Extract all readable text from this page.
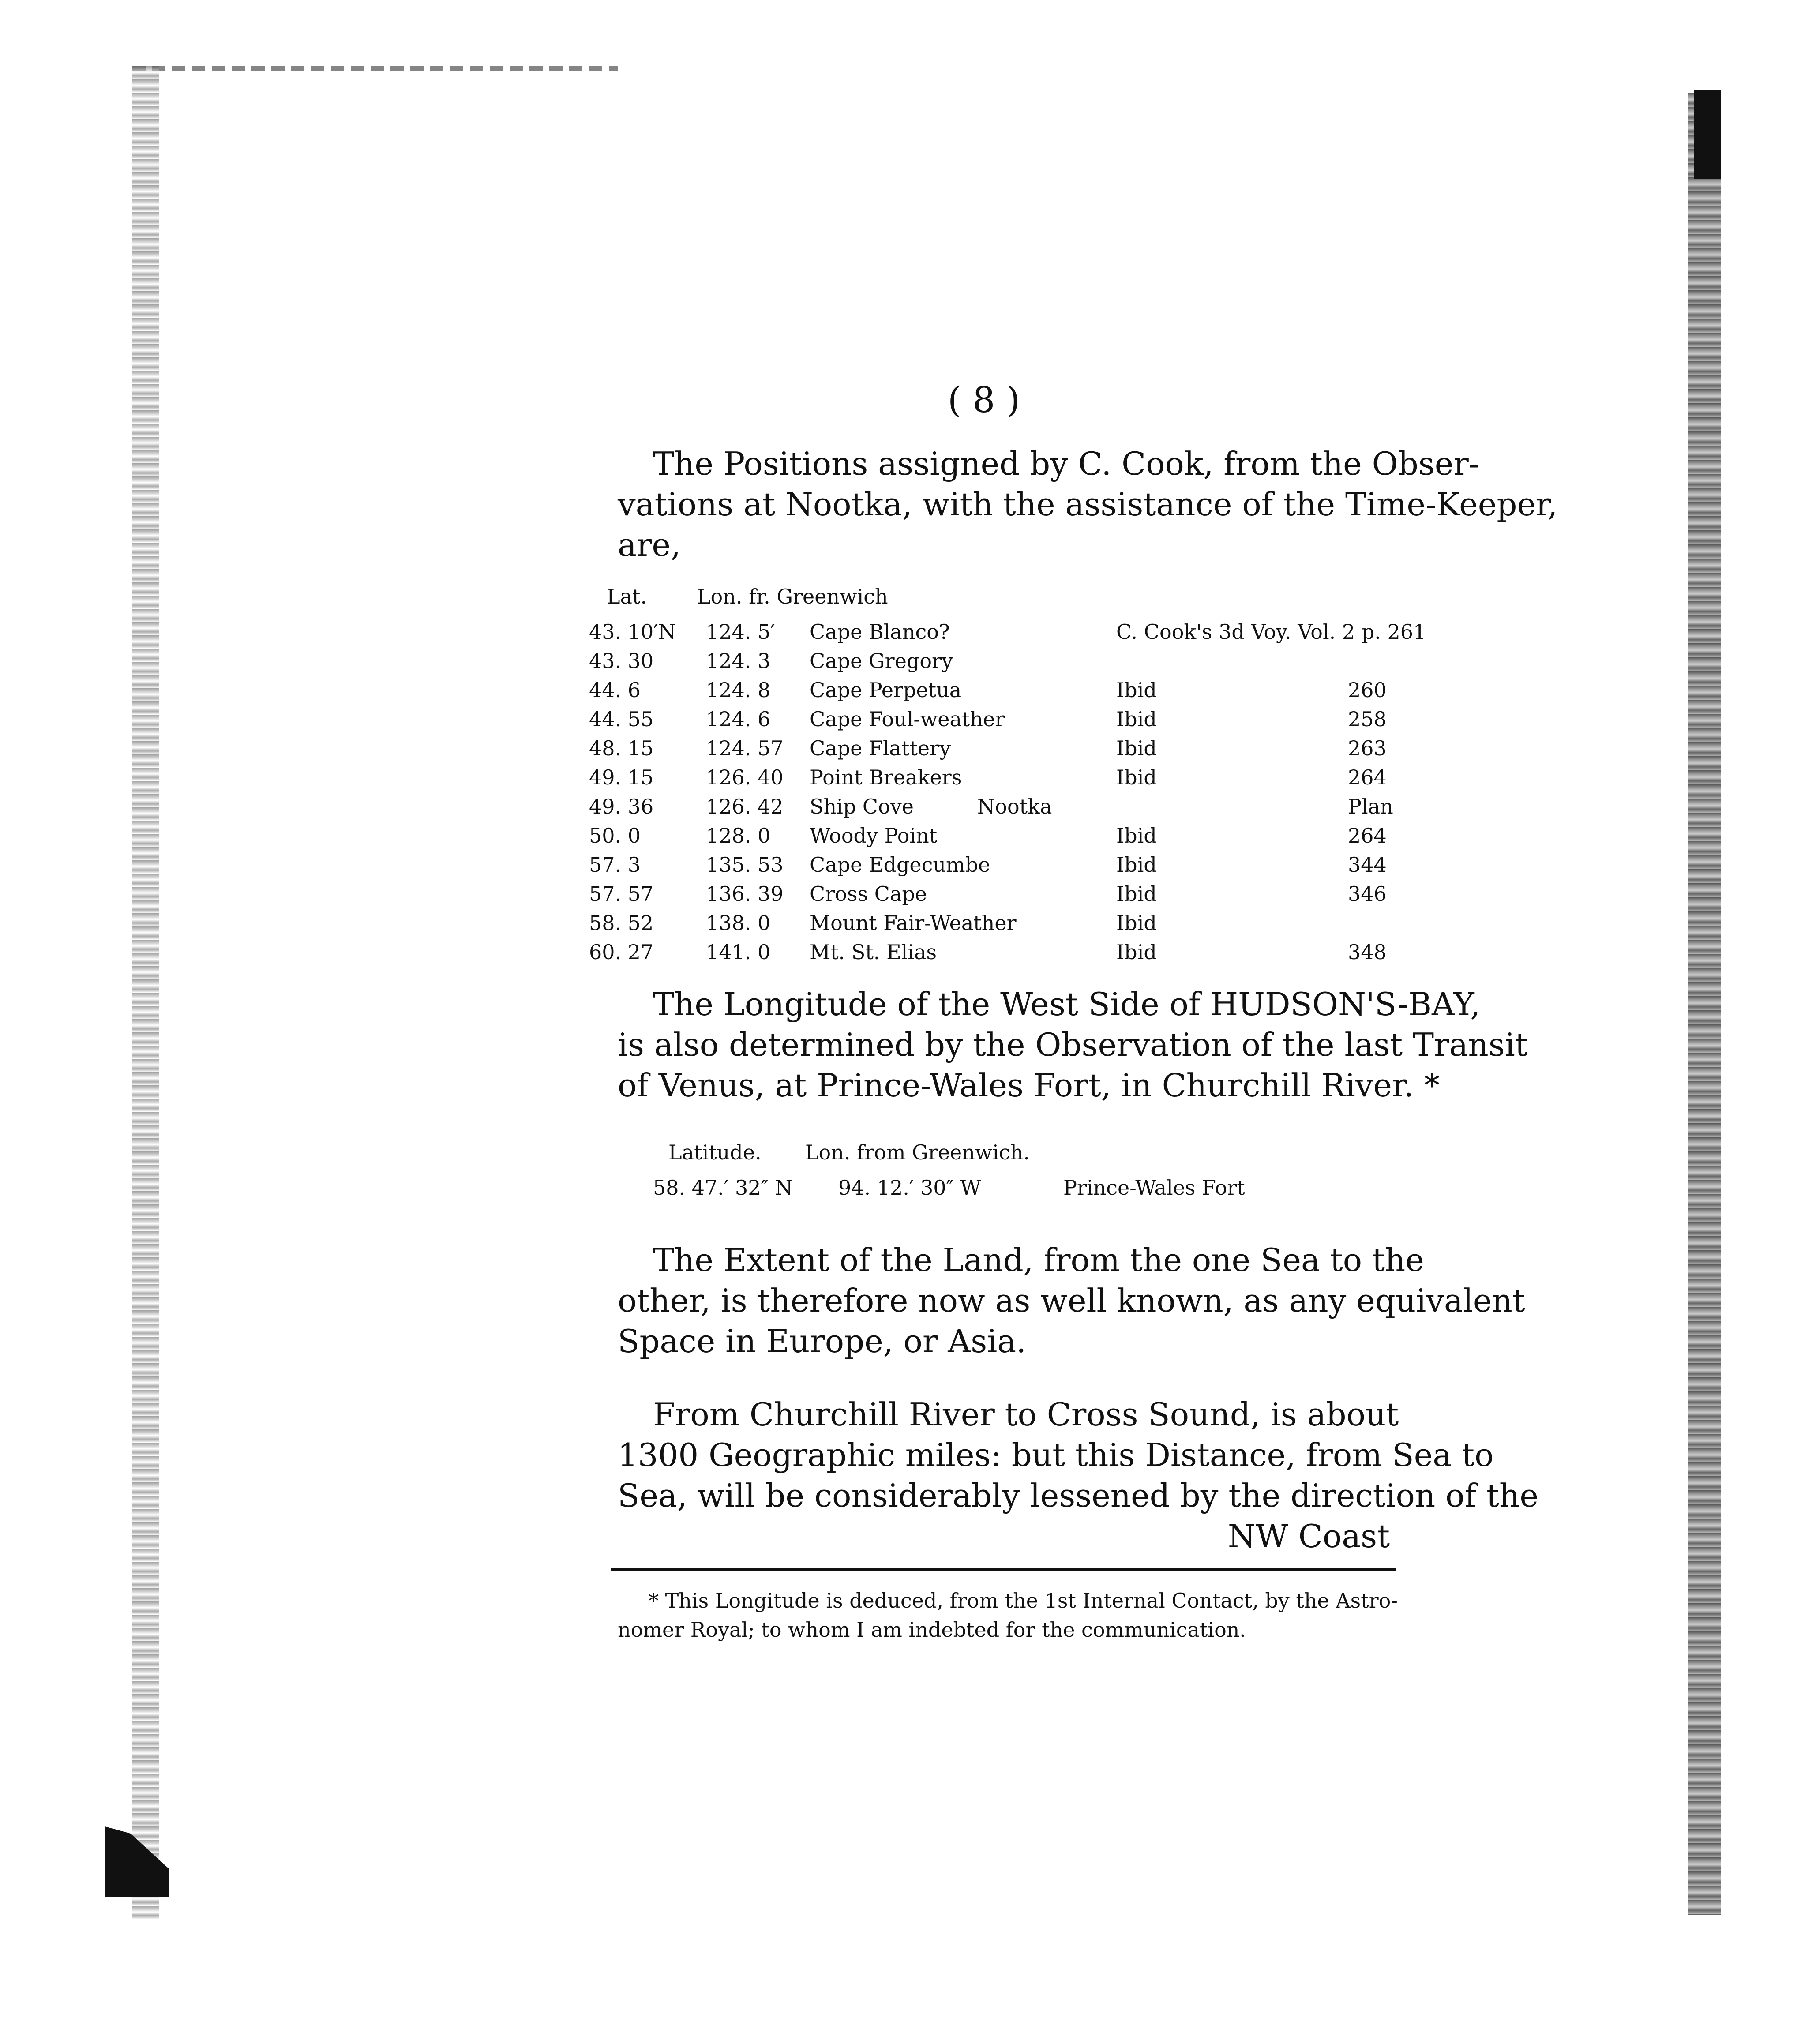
( 8 )
The Positions assigned by C. Cook, from the Obser-
vations at Nootka, with the assistance of the Time-Keeper,
are,
Lat. Lon. fr. Greenwich
43. 10′N 124. 5′ Cape Blanco?	C. Cook's 3d Voy. Vol. 2 p. 261
43. 30	124. 3 Cape Gregory
44. 6	124. 8 Cape Perpetua	Ibid	260
44. 55	124. 6 Cape Foul-weather	Ibid	258
48. 15	124. 57 Cape Flattery	Ibid	263
49. 15	126. 40 Point Breakers	Ibid	264
49. 36	126. 42 Ship Cove	Nootka	Plan
50. 0	128. 0 Woody Point	Ibid	264
57. 3	135. 53 Cape Edgecumbe	Ibid	344
57. 57	136. 39 Cross Cape	Ibid	346
58. 52	138. 0 Mount Fair-Weather	Ibid
60. 27	141. 0 Mt. St. Elias	Ibid	348
The Longitude of the West Side of HUDSON'S-BAY,
is also determined by the Observation of the last Transit
of Venus, at Prince-Wales Fort, in Churchill River. *
Latitude. Lon. from Greenwich.
58. 47.′ 32″ N 94. 12.′ 30″ W	Prince-Wales Fort
The Extent of the Land, from the one Sea to the
other, is therefore now as well known, as any equivalent
Space in Europe, or Asia.
From Churchill River to Cross Sound, is about
1300 Geographic miles: but this Distance, from Sea to
Sea, will be considerably lessened by the direction of the
NW Coast
* This Longitude is deduced, from the 1st Internal Contact, by the Astro-
nomer Royal; to whom I am indebted for the communication.
